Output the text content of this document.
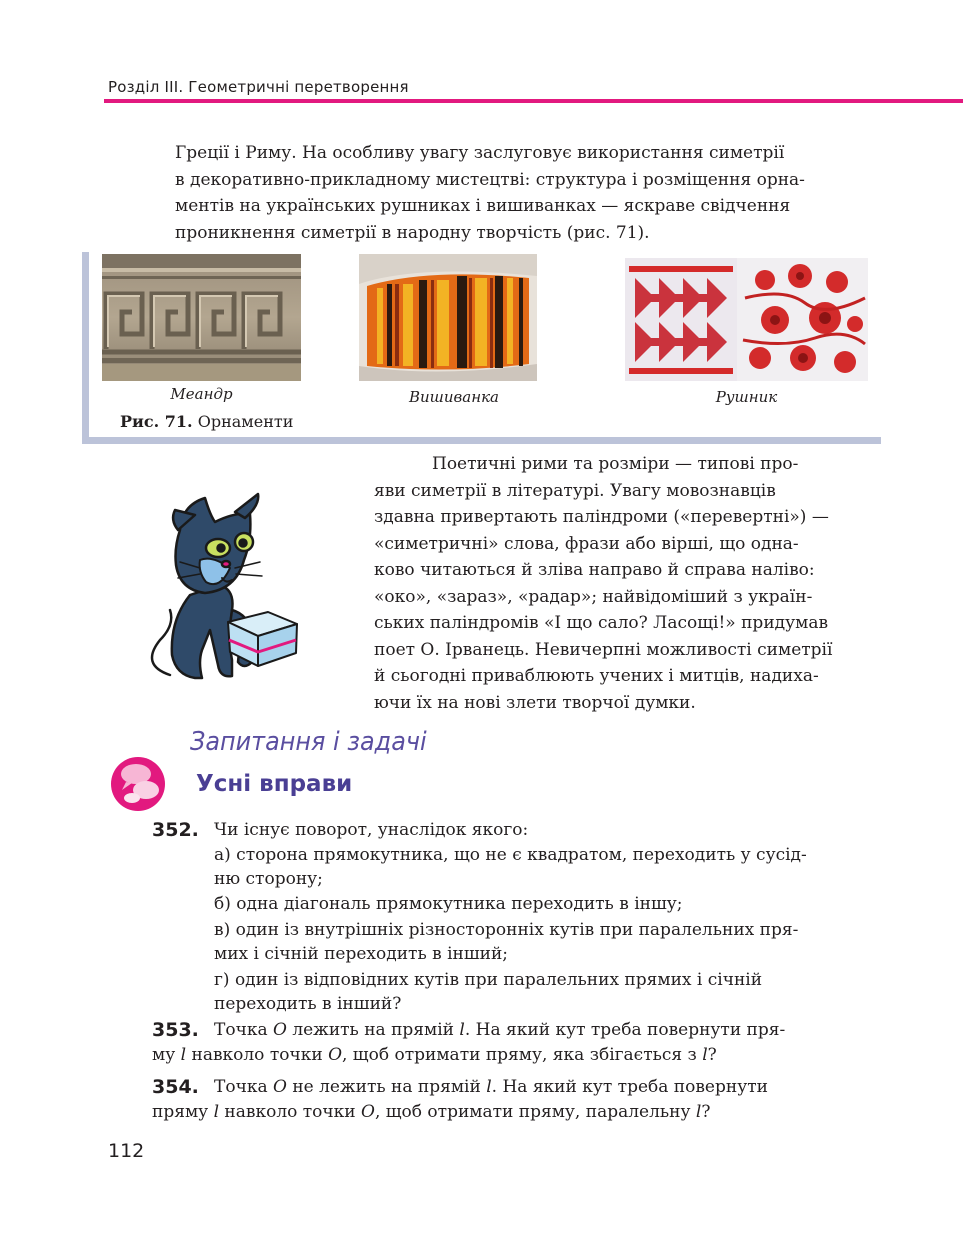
Розділ ІІІ. Геометричні перетворення

Греції і Риму. На особливу увагу заслуговує використання симетрії

в декоративно-прикладному мистецтві: структура і розміщення орна-

ментів на українських рушниках і вишиванках — яскраве свідчення

проникнення симетрії в народну творчість (рис. 71).

Меандр	Вишиванка	Рушник
Рис. 71. Орнаменти

Поетичні рими та розміри — типові про-

яви симетрії в літературі. Увагу мовознавців

здавна привертають паліндроми («перевертні») —

«симетричні» слова, фрази або вірші, що одна-

ково читаються й зліва направо й справа наліво:

«око», «зараз», «радар»; найвідоміший з україн-

ських паліндромів «І що сало? Ласощі!» придумав

поет О. Ірванець. Невичерпні можливості симетрії

й сьогодні приваблюють учених і митців, надиха-

ючи їх на нові злети творчої думки.

Запитання і задачі
Усні вправи
352. Чи існує поворот, унаслідок якого:
а) сторона прямокутника, що не є квадратом, переходить у сусід-
ню сторону;
б) одна діагональ прямокутника переходить в іншу;
в) один із внутрішніх різносторонніх кутів при паралельних пря-
мих і січній переходить в інший;
г) один із відповідних кутів при паралельних прямих і січній
переходить в інший?
353. Точка O лежить на прямій l. На який кут треба повернути пря-
му l навколо точки O, щоб отримати пряму, яка збігається з l?
354. Точка O не лежить на прямій l. На який кут треба повернути
пряму l навколо точки O, щоб отримати пряму, паралельну l?
112
